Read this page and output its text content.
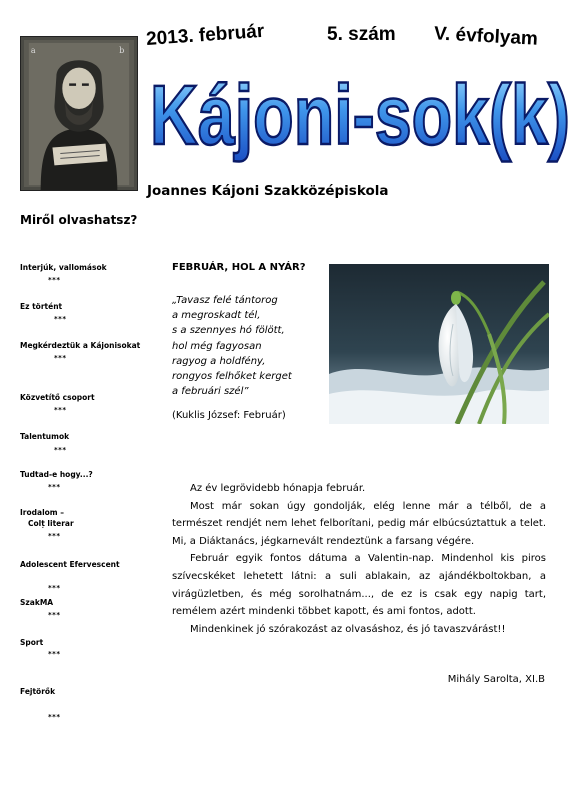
a	b
2013. február	5. szám V. évfolyam
Kájoni-sok(k)
Joannes Kájoni Szakközépiskola
Miről olvashatsz?
Interjúk, vallomások
***
Ez történt
***
Megkérdeztük a Kájonisokat
***
Közvetítő csoport
***
Talentumok
***
Tudtad-e hogy...?
***
Irodalom –
Colț literar
***
Adolescent Efervescent
***
SzakMA
***
Sport
***
Fejtörők
***
FEBRUÁR, HOL A NYÁR?
„Tavasz felé tántorog
a megroskadt tél,
s a szennyes hó fölött,
hol még fagyosan
ragyog a holdfény,
rongyos felhőket kerget
a februári szél”
(Kuklis József: Február)

Az év legrövidebb hónapja február.

Most már sokan úgy gondolják, elég lenne már a télből, de a természet rendjét nem lehet felborítani, pedig már elbúcsúztattuk a telet. Mi, a Diáktanács, jégkarnevált rendeztünk a farsang végére.

Február egyik fontos dátuma a Valentin-nap. Mindenhol kis piros szívecskéket lehetett látni: a suli ablakain, az ajándékboltokban, a virágüzletben, és még sorolhatnám..., de ez is csak egy napig tart, remélem azért mindenki többet kapott, és ami fontos, adott.

Mindenkinek jó szórakozást az olvasáshoz, és jó tavaszvárást!!

Mihály Sarolta, XI.B
